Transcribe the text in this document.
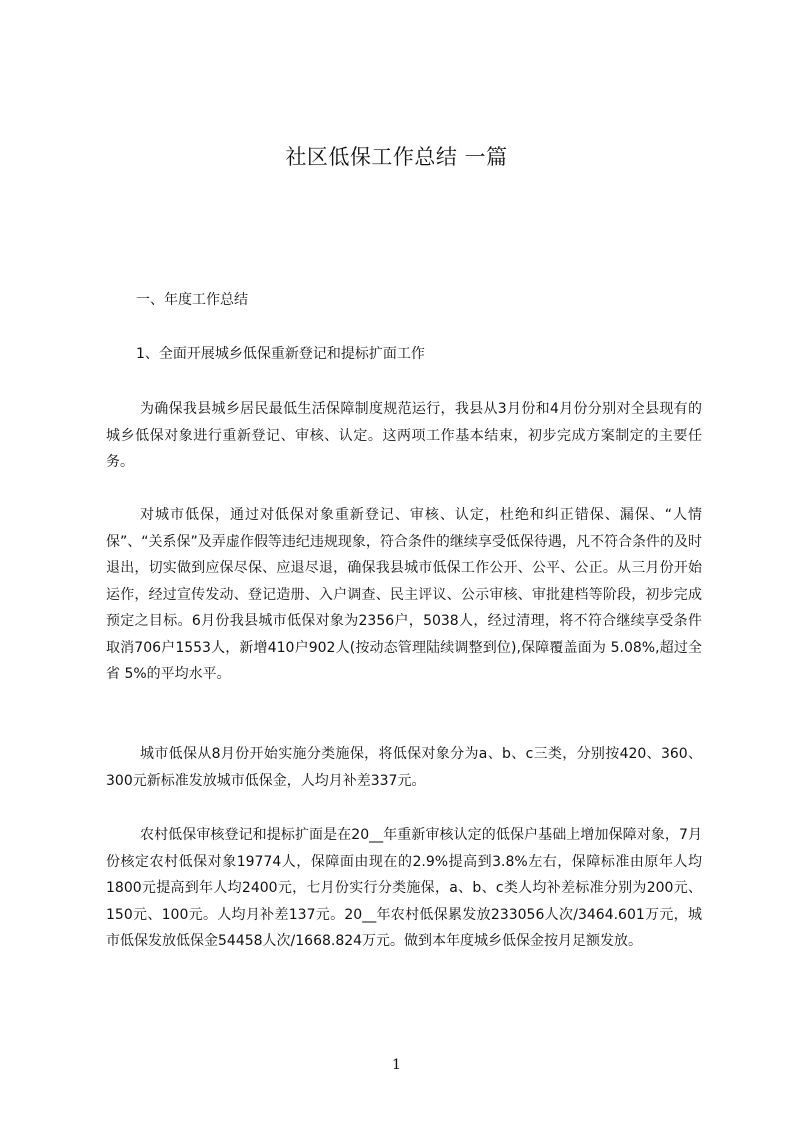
社区低保工作总结 一篇
一、年度工作总结
1、全面开展城乡低保重新登记和提标扩面工作

为确保我县城乡居民最低生活保障制度规范运行，我县从3月份和4月份分别对全县现有的城乡低保对象进行重新登记、审核、认定。这两项工作基本结束，初步完成方案制定的主要任务。

对城市低保，通过对低保对象重新登记、审核、认定，杜绝和纠正错保、漏保、“人情保”、“关系保”及弄虚作假等违纪违规现象，符合条件的继续享受低保待遇，凡不符合条件的及时退出，切实做到应保尽保、应退尽退，确保我县城市低保工作公开、公平、公正。从三月份开始运作，经过宣传发动、登记造册、入户调查、民主评议、公示审核、审批建档等阶段，初步完成预定之目标。6月份我县城市低保对象为2356户，5038人，经过清理，将不符合继续享受条件取消706户1553人，新增410户902人(按动态管理陆续调整到位),保障覆盖面为 5.08%,超过全省 5%的平均水平。

城市低保从8月份开始实施分类施保，将低保对象分为a、b、c三类，分别按420、360、300元新标准发放城市低保金，人均月补差337元。

农村低保审核登记和提标扩面是在20__年重新审核认定的低保户基础上增加保障对象，7月份核定农村低保对象19774人，保障面由现在的2.9%提高到3.8%左右，保障标准由原年人均1800元提高到年人均2400元，七月份实行分类施保，a、b、c类人均补差标准分别为200元、150元、100元。人均月补差137元。20__年农村低保累发放233056人次/3464.601万元，城市低保发放低保金54458人次/1668.824万元。做到本年度城乡低保金按月足额发放。

1
